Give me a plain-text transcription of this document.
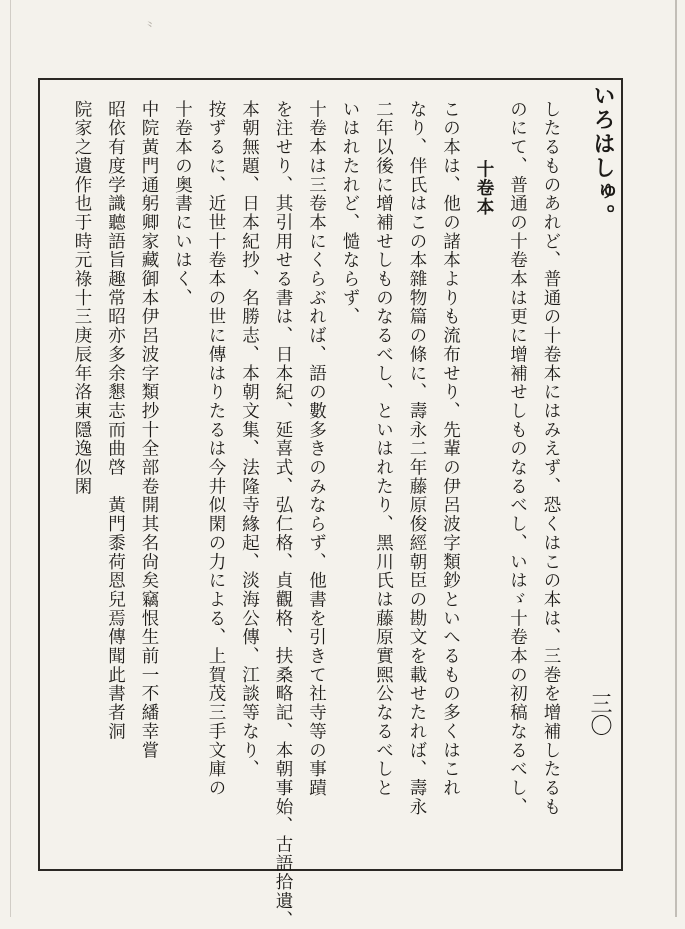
⺀
いろはしゅ。
三〇
したるものあれど、普通の十卷本にはみえず、恐くはこの本は、三巻を增補したるも
のにて、普通の十卷本は更に增補せしものなるべし、いはゞ十卷本の初稿なるべし、
十卷本
この本は、他の諸本よりも流布せり、先輩の伊呂波字類鈔といへるもの多くはこれ
なり、伴氏はこの本雜物篇の條に、壽永二年藤原俊經朝臣の勘文を載せたれば、壽永
二年以後に增補せしものなるべし、といはれたり、黑川氏は藤原實煕公なるべしと
いはれたれど、慥ならず、
十卷本は三卷本にくらぶれば、語の數多きのみならず、他書を引きて社寺等の事蹟
を注せり、其引用せる書は、日本紀、延喜式、弘仁格、貞觀格、扶桑略記、本朝事始、古語拾遺、
本朝無題、日本紀抄、名勝志、本朝文集、法隆寺緣起、淡海公傳、江談等なり、
按ずるに、近世十卷本の世に傳はりたるは今井似閑の力による、上賀茂三手文庫の
十卷本の奥書にいはく、
中院黃門通躬卿家藏御本伊呂波字類抄十全部卷開其名尙矣竊恨生前一不繙幸嘗
昭依有度学識聽語旨趣常昭亦多余懇志而曲啓　黃門黍荷恩兒焉傳聞此書者洞
院家之遺作也于時元祿十三庚辰年洛東隱逸似閑
